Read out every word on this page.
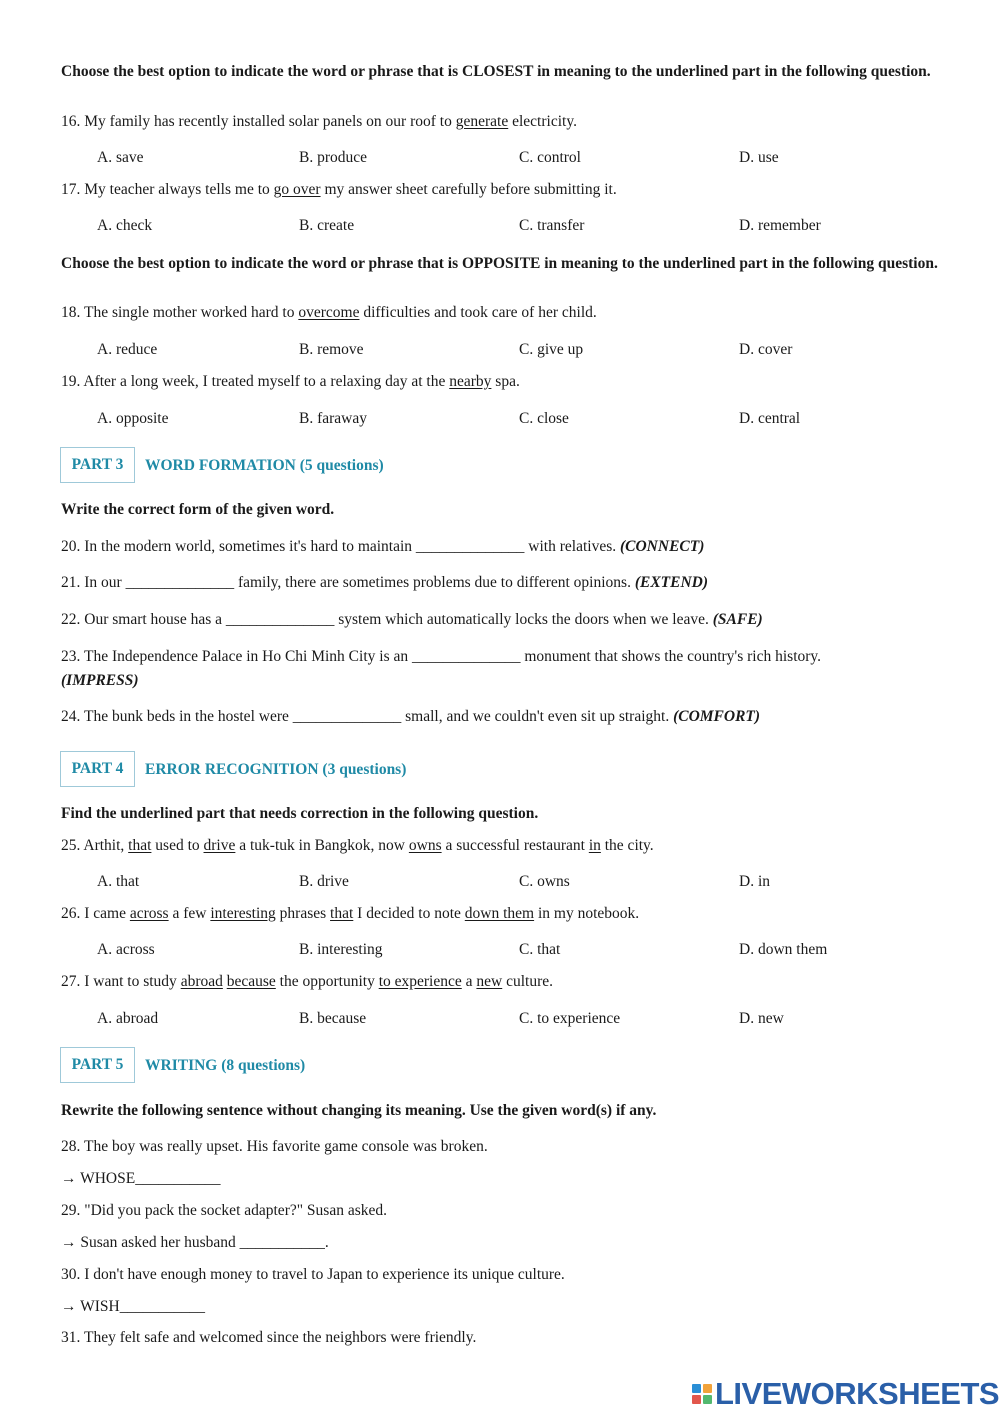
Choose the best option to indicate the word or phrase that is CLOSEST in meaning to the underlined part in the following question.
16. My family has recently installed solar panels on our roof to generate electricity.
A. save	B. produce	C. control	D. use
17. My teacher always tells me to go over my answer sheet carefully before submitting it.
A. check	B. create	C. transfer	D. remember
Choose the best option to indicate the word or phrase that is OPPOSITE in meaning to the underlined part in the following question.
18. The single mother worked hard to overcome difficulties and took care of her child.
A. reduce	B. remove	C. give up	D. cover
19. After a long week, I treated myself to a relaxing day at the nearby spa.
A. opposite	B. faraway	C. close	D. central
PART 3	WORD FORMATION (5 questions)
Write the correct form of the given word.
20. In the modern world, sometimes it's hard to maintain ______________ with relatives. (CONNECT)
21. In our ______________ family, there are sometimes problems due to different opinions. (EXTEND)
22. Our smart house has a ______________ system which automatically locks the doors when we leave. (SAFE)
23. The Independence Palace in Ho Chi Minh City is an ______________ monument that shows the country's rich history.
(IMPRESS)
24. The bunk beds in the hostel were ______________ small, and we couldn't even sit up straight. (COMFORT)
PART 4	ERROR RECOGNITION (3 questions)
Find the underlined part that needs correction in the following question.
25. Arthit, that used to drive a tuk-tuk in Bangkok, now owns a successful restaurant in the city.
A. that	B. drive	C. owns	D. in
26. I came across a few interesting phrases that I decided to note down them in my notebook.
A. across	B. interesting	C. that	D. down them
27. I want to study abroad because the opportunity to experience a new culture.
A. abroad	B. because	C. to experience	D. new
PART 5	WRITING (8 questions)
Rewrite the following sentence without changing its meaning. Use the given word(s) if any.
28. The boy was really upset. His favorite game console was broken.
→ WHOSE___________
29. "Did you pack the socket adapter?" Susan asked.
→ Susan asked her husband ___________.
30. I don't have enough money to travel to Japan to experience its unique culture.
→ WISH___________
31. They felt safe and welcomed since the neighbors were friendly.
LIVEWORKSHEETS
